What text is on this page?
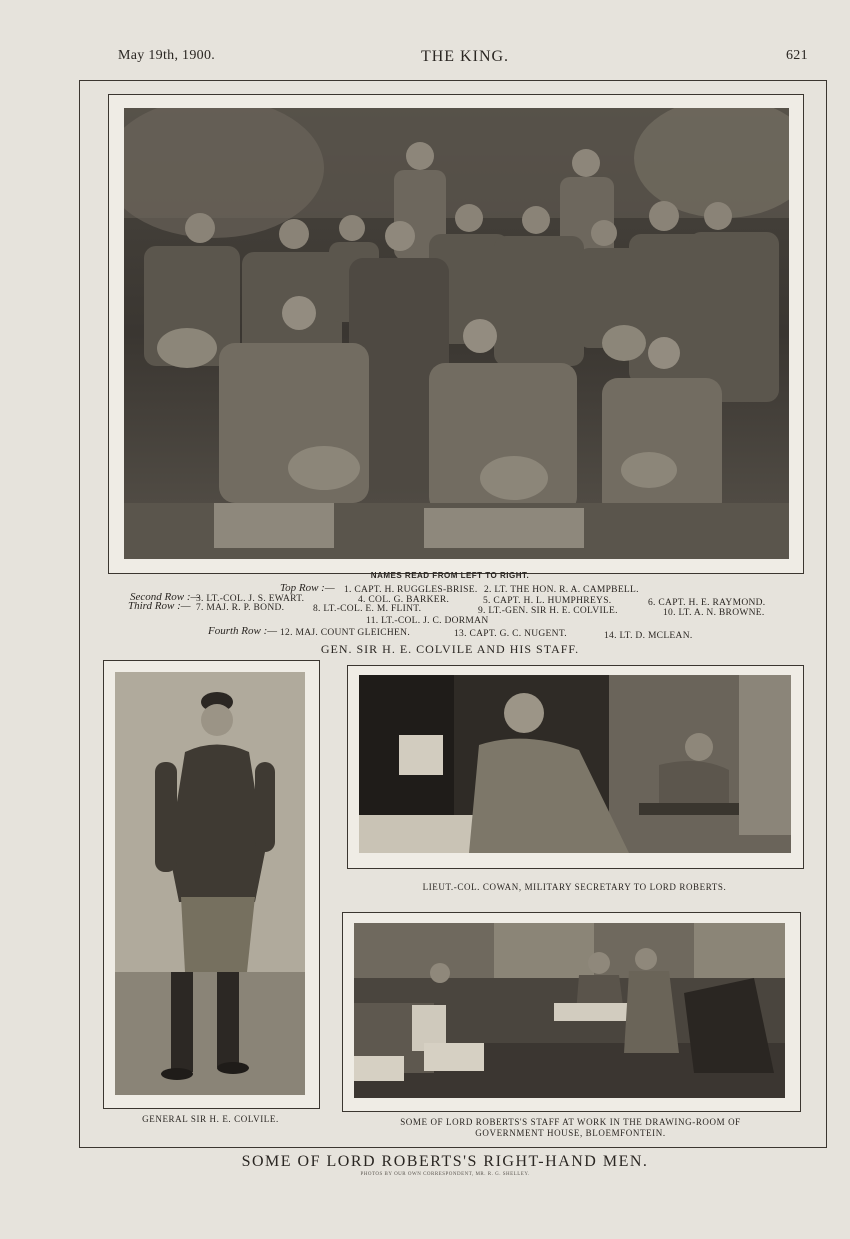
May 19th, 1900.	THE KING.	621
NAMES READ FROM LEFT TO RIGHT.
Top Row :— 1. CAPT. H. RUGGLES-BRISE. 2. LT. THE HON. R. A. CAMPBELL.
Second Row :—
3. LT.-COL. J. S. EWART.	4. COL. G. BARKER.	5. CAPT. H. L. HUMPHREYS.	6. CAPT. H. E. RAYMOND.
Third Row :— 7. MAJ. R. P. BOND.	8. LT.-COL. E. M. FLINT.	9. LT.-GEN. SIR H. E. COLVILE.	10. LT. A. N. BROWNE.
11. LT.-COL. J. C. DORMAN
Fourth Row :— 12. MAJ. COUNT GLEICHEN.	13. CAPT. G. C. NUGENT.	14. LT. D. MCLEAN.
GEN. SIR H. E. COLVILE AND HIS STAFF.
GENERAL SIR H. E. COLVILE.
LIEUT.-COL. COWAN, MILITARY SECRETARY TO LORD ROBERTS.
SOME OF LORD ROBERTS'S STAFF AT WORK IN THE DRAWING-ROOM OF
GOVERNMENT HOUSE, BLOEMFONTEIN.
SOME OF LORD ROBERTS'S RIGHT-HAND MEN.
PHOTOS BY OUR OWN CORRESPONDENT, MR. R. G. SHELLEY.
